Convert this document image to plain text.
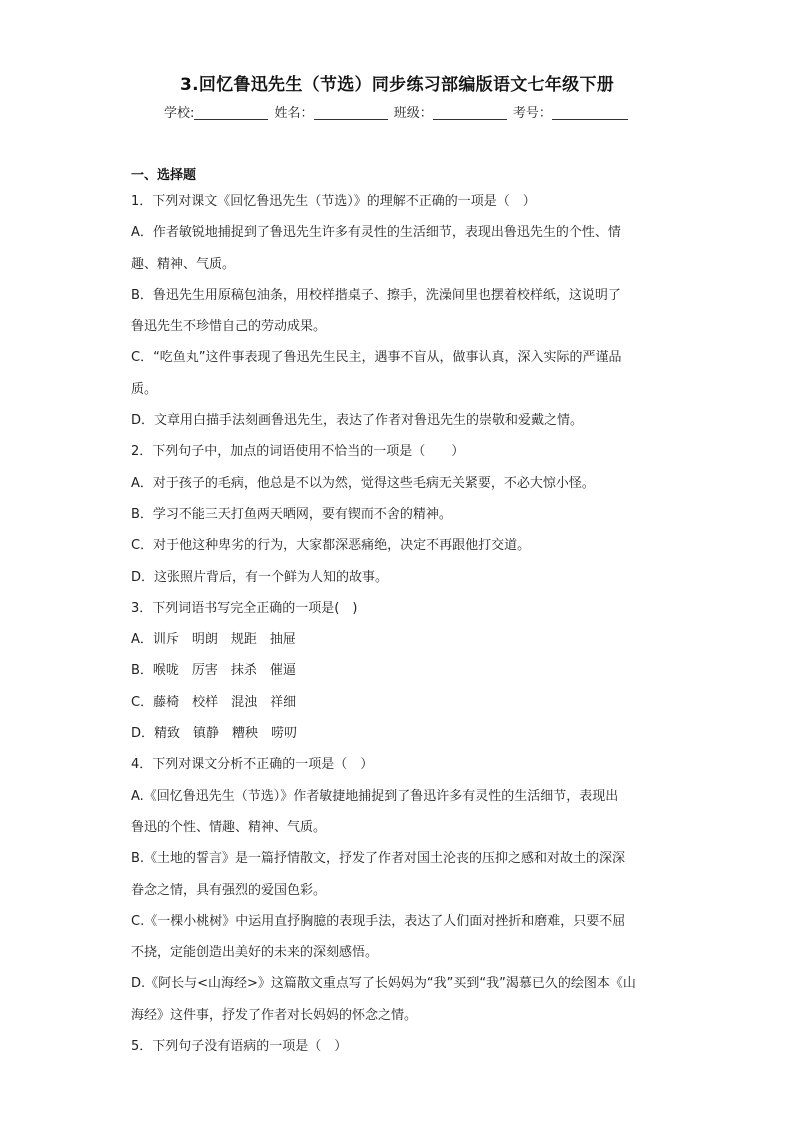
3.回忆鲁迅先生（节选）同步练习部编版语文七年级下册
学校:	姓名：	班级：	考号：
一、选择题
1．下列对课文《回忆鲁迅先生（节选）》的理解不正确的一项是（　）
A．作者敏锐地捕捉到了鲁迅先生许多有灵性的生活细节，表现出鲁迅先生的个性、情
趣、精神、气质。
B．鲁迅先生用原稿包油条，用校样揩桌子、擦手，洗澡间里也摆着校样纸，这说明了
鲁迅先生不珍惜自己的劳动成果。
C．“吃鱼丸”这件事表现了鲁迅先生民主，遇事不盲从，做事认真，深入实际的严谨品
质。
D．文章用白描手法刻画鲁迅先生，表达了作者对鲁迅先生的崇敬和爱戴之情。
2．下列句子中，加点的词语使用不恰当的一项是（　　）
A．对于孩子的毛病，他总是不以为然，觉得这些毛病无关紧要，不必大惊小怪。
B．学习不能三天打鱼两天晒网，要有锲而不舍的精神。
C．对于他这种卑劣的行为，大家都深恶痛绝，决定不再跟他打交道。
D．这张照片背后，有一个鲜为人知的故事。
3．下列词语书写完全正确的一项是(　)
A．训斥　明朗　规距　抽屉
B．喉咙　厉害　抹杀　催逼
C．藤椅　校样　混浊　祥细
D．精致　镇静　糟秧　唠叨
4．下列对课文分析不正确的一项是（　）
A.《回忆鲁迅先生（节选）》作者敏捷地捕捉到了鲁迅许多有灵性的生活细节，表现出
鲁迅的个性、情趣、精神、气质。
B.《土地的誓言》是一篇抒情散文，抒发了作者对国土沦丧的压抑之感和对故土的深深
眷念之情，具有强烈的爱国色彩。
C.《一棵小桃树》中运用直抒胸臆的表现手法，表达了人们面对挫折和磨难，只要不屈
不挠，定能创造出美好的未来的深刻感悟。
D.《阿长与<山海经>》这篇散文重点写了长妈妈为“我”买到“我”渴慕已久的绘图本《山
海经》这件事，抒发了作者对长妈妈的怀念之情。
5．下列句子没有语病的一项是（　）
